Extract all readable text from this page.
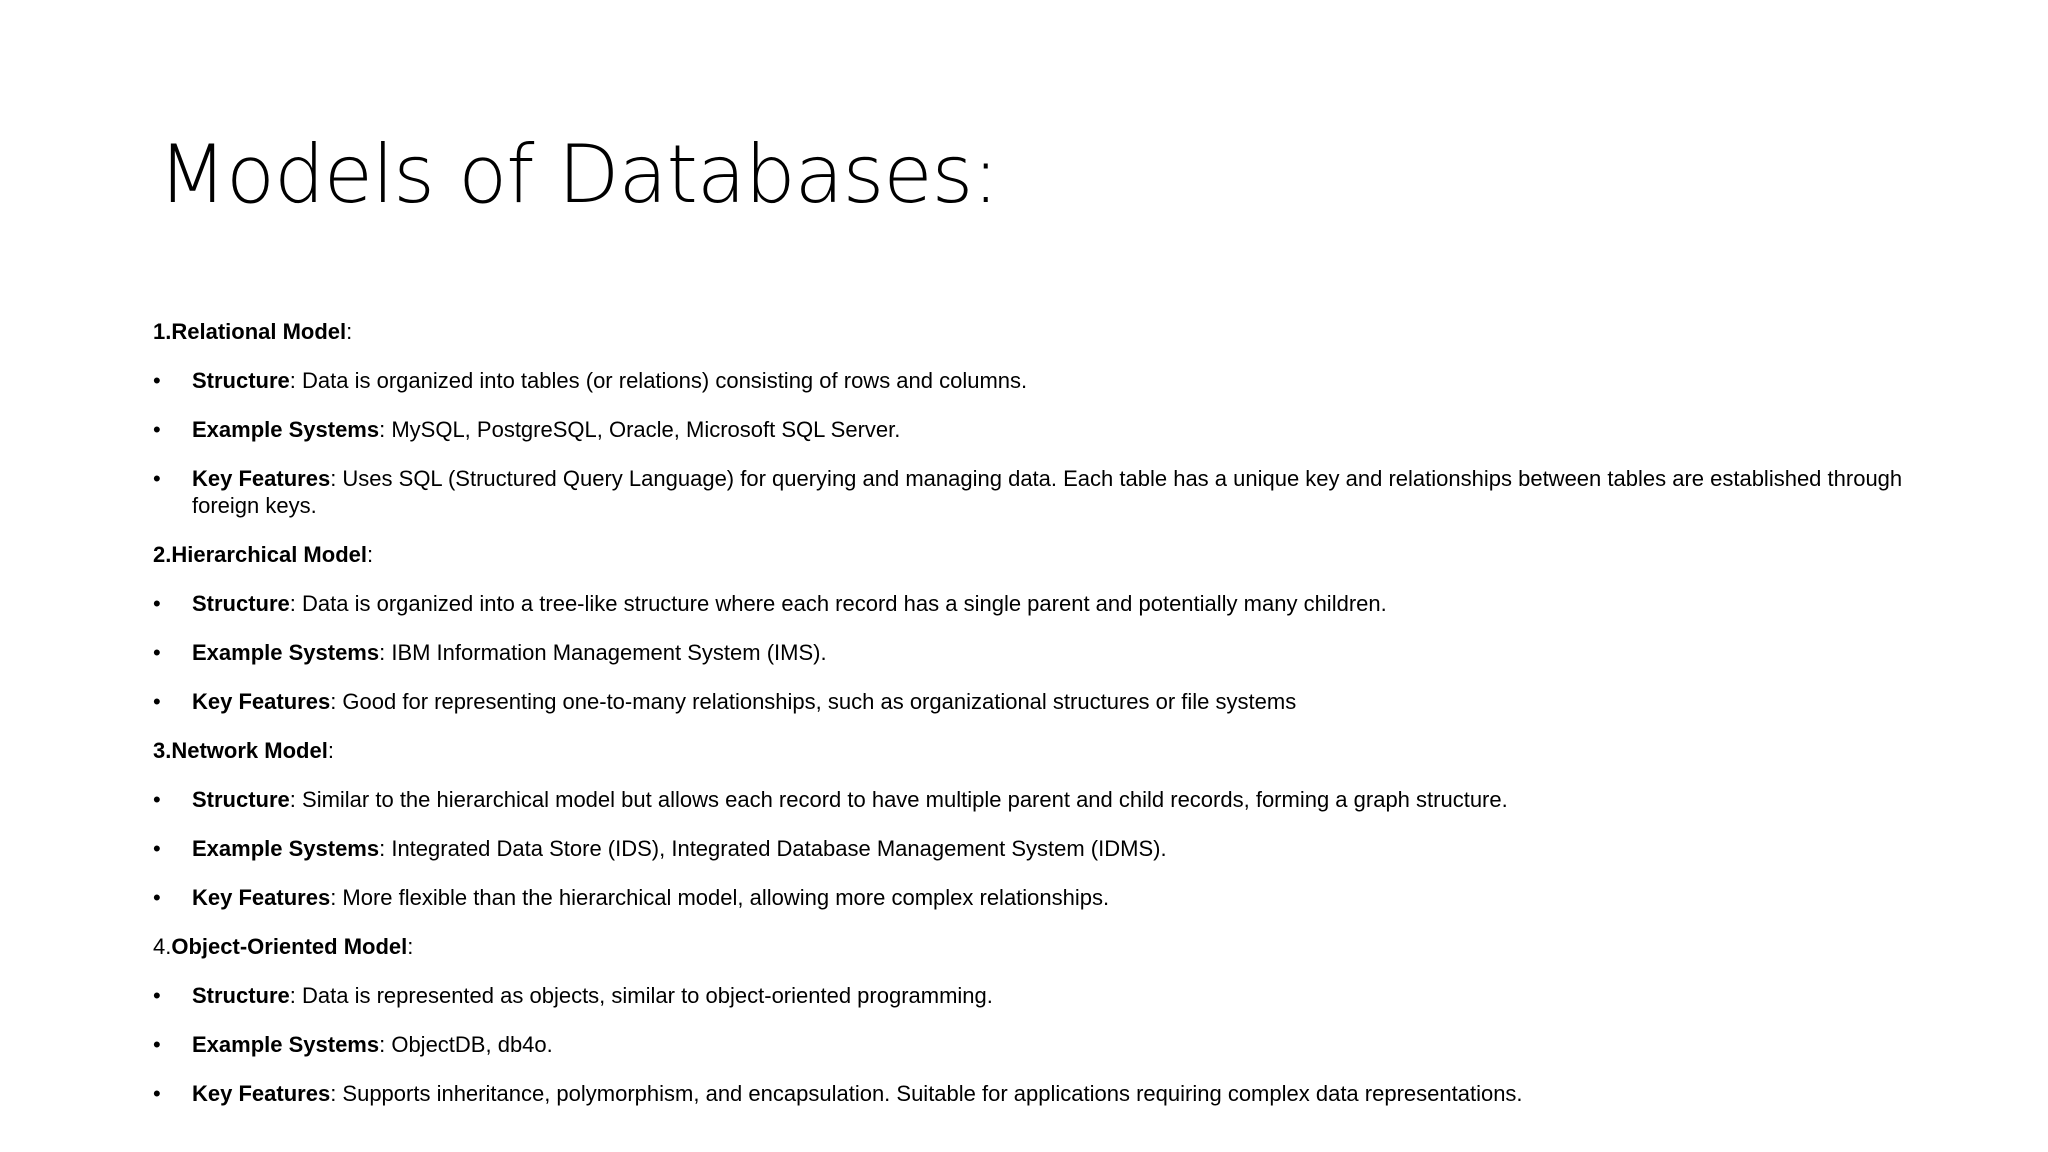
Models of Databases:
1.Relational Model:
• Structure: Data is organized into tables (or relations) consisting of rows and columns.
• Example Systems: MySQL, PostgreSQL, Oracle, Microsoft SQL Server.
• Key Features: Uses SQL (Structured Query Language) for querying and managing data. Each table has a unique key and relationships between tables are established through foreign keys.
2.Hierarchical Model:
• Structure: Data is organized into a tree-like structure where each record has a single parent and potentially many children.
• Example Systems: IBM Information Management System (IMS).
• Key Features: Good for representing one-to-many relationships, such as organizational structures or file systems
3.Network Model:
• Structure: Similar to the hierarchical model but allows each record to have multiple parent and child records, forming a graph structure.
• Example Systems: Integrated Data Store (IDS), Integrated Database Management System (IDMS).
• Key Features: More flexible than the hierarchical model, allowing more complex relationships.
4.Object-Oriented Model:
• Structure: Data is represented as objects, similar to object-oriented programming.
• Example Systems: ObjectDB, db4o.
• Key Features: Supports inheritance, polymorphism, and encapsulation. Suitable for applications requiring complex data representations.
